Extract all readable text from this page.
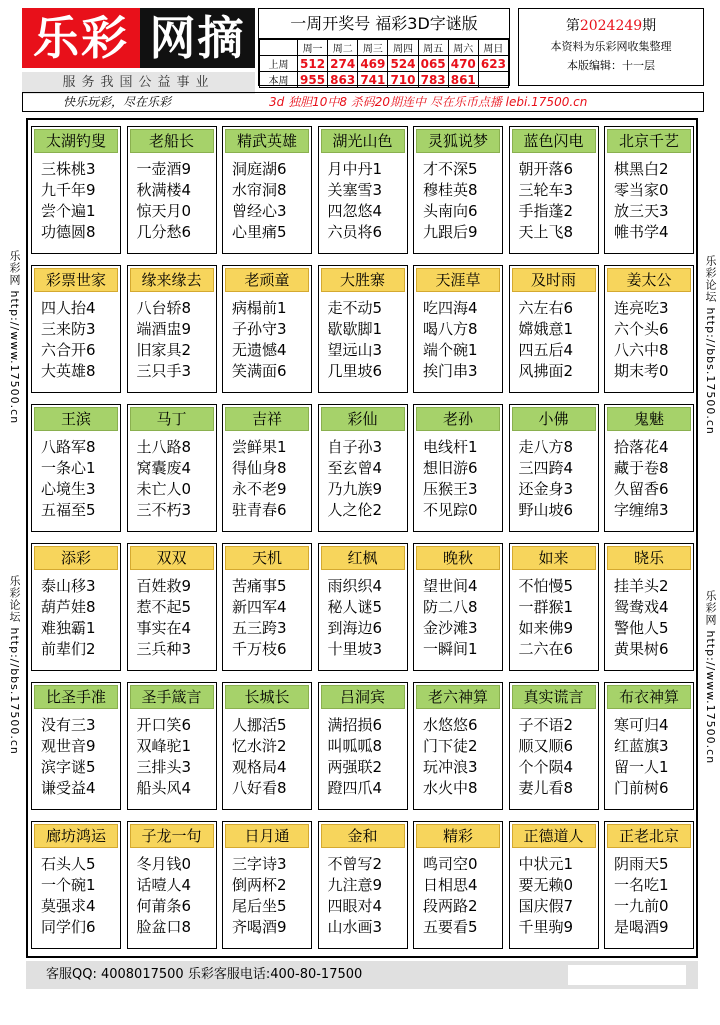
乐彩 网摘
服务我国公益事业
一周开奖号 福彩3D字谜版
	周一	周二	周三	周四	周五	周六	周日
上周	512	274	469	524	065	470	623
本周	955	863	741	710	783	861	
第2024249期
本资料为乐彩网收集整理
本版编辑：十一层
快乐玩彩，尽在乐彩	3d 独胆10中8 杀码20期连中 尽在乐币点播 lebi.17500.cn
乐彩网 http://www.17500.cn
乐彩论坛 http://bbs.17500.cn
乐彩论坛 http://bbs.17500.cn
乐彩网 http://www.17500.cn
太湖钓叟
三株桃3
九千年9
尝个遍1
功德圆8
老船长
一壶酒9
秋满楼4
惊天月0
几分愁6
精武英雄
洞庭湖6
水帘洞8
曾经心3
心里痛5
湖光山色
月中丹1
关塞雪3
四忽悠4
六员将6
灵狐说梦
才不深5
穆桂英8
头南向6
九跟后9
蓝色闪电
朝开落6
三轮车3
手指蓬2
天上飞8
北京千艺
棋黑白2
零当家0
放三天3
帷书学4
彩票世家
四人抬4
三来防3
六合开6
大英雄8
缘来缘去
八台轿8
端酒盅9
旧家具2
三只手3
老顽童
病榻前1
子孙守3
无遗憾4
笑满面6
大胜寨
走不动5
歇歇脚1
望远山3
几里坡6
天涯草
吃四海4
喝八方8
端个碗1
挨门串3
及时雨
六左右6
嫦娥意1
四五后4
风拂面2
姜太公
连亮吃3
六个头6
八六中8
期末考0
王滨
八路军8
一条心1
心境生3
五福至5
马丁
土八路8
窝囊废4
未亡人0
三不朽3
吉祥
尝鲜果1
得仙身8
永不老9
驻青春6
彩仙
自子孙3
至玄曾4
乃九族9
人之伦2
老孙
电线杆1
想旧游6
压猴王3
不见踪0
小佛
走八方8
三四跨4
还金身3
野山坡6
鬼魅
拾落花4
藏于卷8
久留香6
字缠绵3
添彩
泰山移3
葫芦娃8
难独霸1
前辈们2
双双
百姓救9
惹不起5
事实在4
三兵种3
天机
苦痛事5
新四军4
五三跨3
千万枝6
红枫
雨织织4
秘人谜5
到海边6
十里坡3
晚秋
望世间4
防二八8
金沙滩3
一瞬间1
如来
不怕慢5
一群猴1
如来佛9
二六在6
晓乐
挂羊头2
鸳鸯戏4
警他人5
黄果树6
比圣手准
没有三3
观世音9
滨字谜5
谦受益4
圣手箴言
开口笑6
双峰驼1
三排头3
船头风4
长城长
人挪活5
忆水浒2
观格局4
八好看8
吕洞宾
满招损6
叫呱呱8
两强联2
蹬四爪4
老六神算
水悠悠6
门下徒2
玩冲浪3
水火中8
真实谎言
子不语2
顺又顺6
个个陨4
妻儿看8
布衣神算
寒可归4
红蓝旗3
留一人1
门前树6
廊坊鸿运
石头人5
一个碗1
莫强求4
同学们6
子龙一句
冬月钱0
话噎人4
何莆条6
脸盆口8
日月通
三字诗3
倒两杯2
尾后坐5
齐喝酒9
金和
不曾写2
九注意9
四眼对4
山水画3
精彩
鸣司空0
日相思4
段两路2
五要看5
正德道人
中状元1
要无赖0
国庆假7
千里驹9
正老北京
阴雨天5
一名吃1
一九前0
是喝酒9
客服QQ: 4008017500 乐彩客服电话:400-80-17500
